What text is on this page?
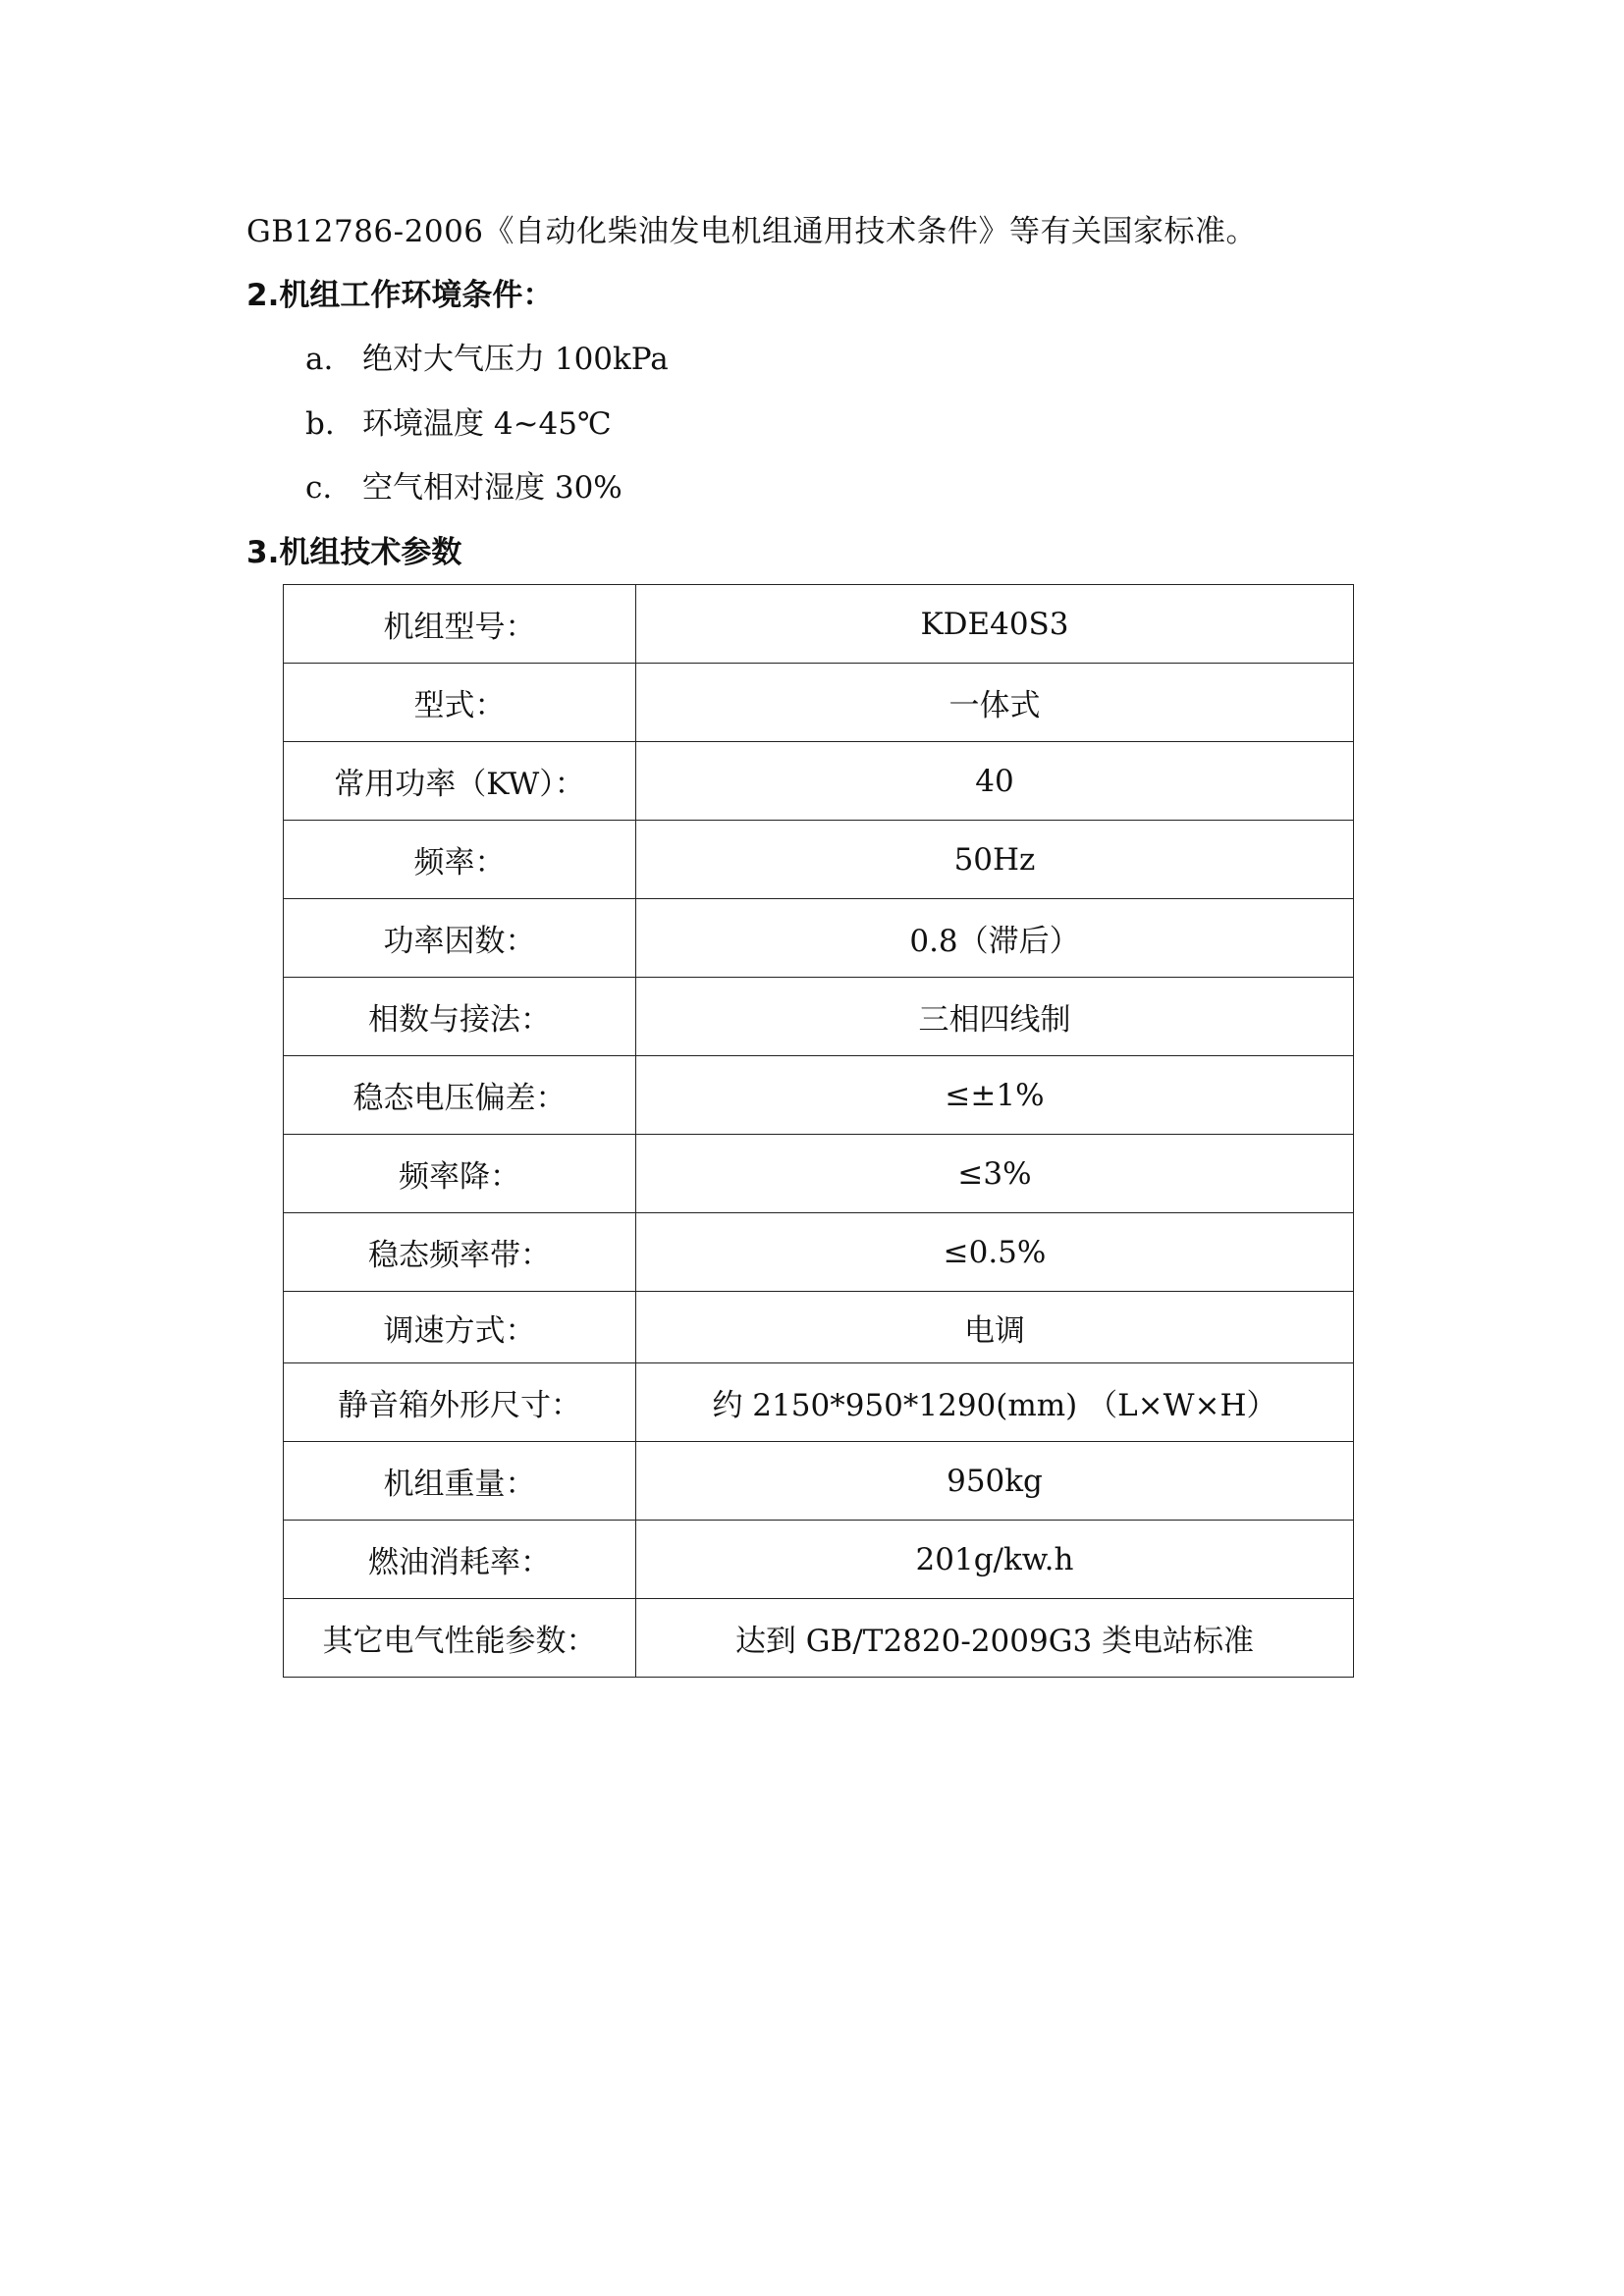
GB12786-2006《自动化柴油发电机组通用技术条件》等有关国家标准。
2.机组工作环境条件：
a. 绝对大气压力 100kPa
b. 环境温度 4~45℃
c. 空气相对湿度 30%
3.机组技术参数
机组型号：	KDE40S3
型式：	一体式
常用功率（KW）：	40
频率：	50Hz
功率因数：	0.8（滞后）
相数与接法：	三相四线制
稳态电压偏差：	≤±1%
频率降：	≤3%
稳态频率带：	≤0.5%
调速方式：	电调
静音箱外形尺寸：	约 2150*950*1290(mm) （L×W×H）
机组重量：	950kg
燃油消耗率：	201g/kw.h
其它电气性能参数：	达到 GB/T2820-2009G3 类电站标准
